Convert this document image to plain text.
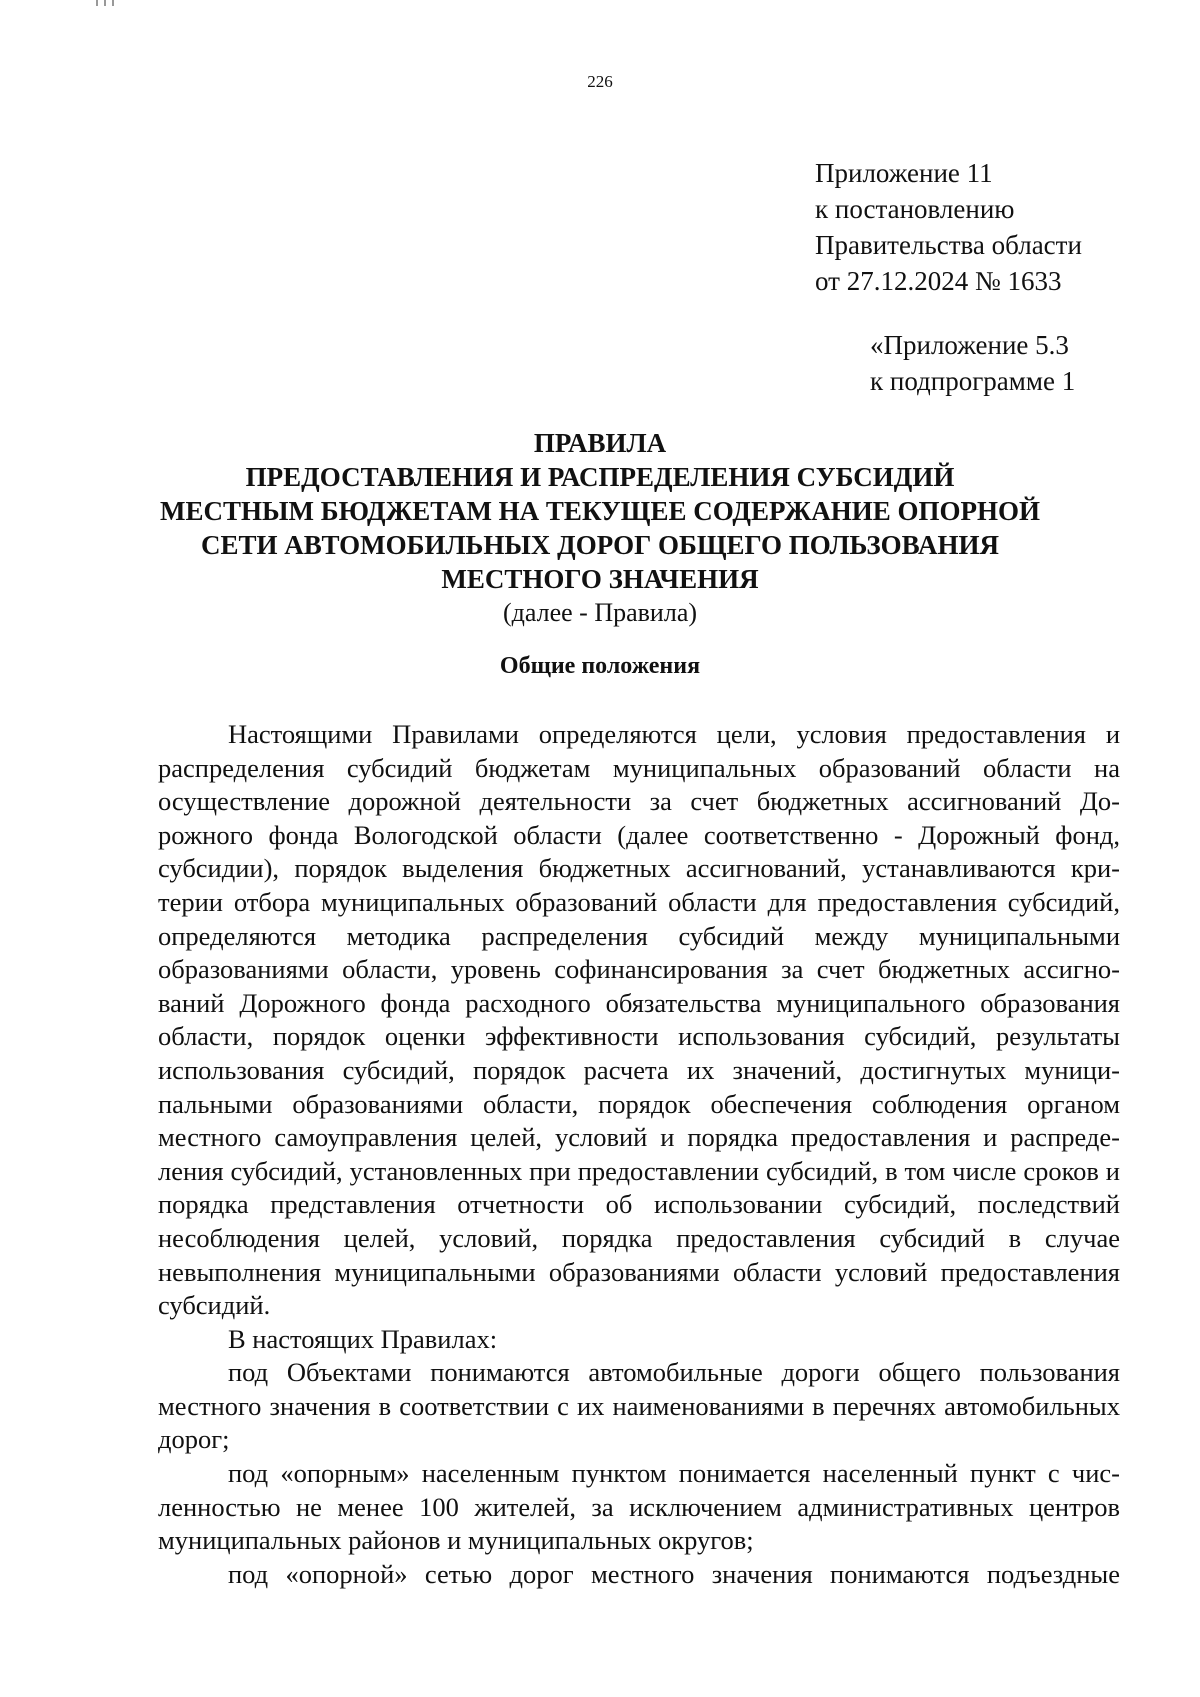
226
Приложение 11
к постановлению
Правительства области
от 27.12.2024 № 1633
«Приложение 5.3
к подпрограмме 1
ПРАВИЛА
ПРЕДОСТАВЛЕНИЯ И РАСПРЕДЕЛЕНИЯ СУБСИДИЙ
МЕСТНЫМ БЮДЖЕТАМ НА ТЕКУЩЕЕ СОДЕРЖАНИЕ ОПОРНОЙ
СЕТИ АВТОМОБИЛЬНЫХ ДОРОГ ОБЩЕГО ПОЛЬЗОВАНИЯ
МЕСТНОГО ЗНАЧЕНИЯ
(далее - Правила)
Общие положения

Настоящими Правилами определяются цели, условия предоставления и распределения субсидий бюджетам муниципальных образований области на осуществление дорожной деятельности за счет бюджетных ассигнований Дорожного фонда Вологодской области (далее соответственно - Дорожный фонд, субсидии), порядок выделения бюджетных ассигнований, устанавливаются критерии отбора муниципальных образований области для предоставления субсидий, определяются методика распределения субсидий между муниципальными образованиями области, уровень софинансирования за счет бюджетных ассигнований Дорожного фонда расходного обязательства муниципального образования области, порядок оценки эффективности использования субсидий, результаты использования субсидий, порядок расчета их значений, достигнутых муниципальными образованиями области, порядок обеспечения соблюдения органом местного самоуправления целей, условий и порядка предоставления и распределения субсидий, установленных при предоставлении субсидий, в том числе сроков и порядка представления отчетности об использовании субсидий, последствий несоблюдения целей, условий, порядка предоставления субсидий в случае невыполнения муниципальными образованиями области условий предоставления субсидий.

В настоящих Правилах:

под Объектами понимаются автомобильные дороги общего пользования местного значения в соответствии с их наименованиями в перечнях автомобильных дорог;

под «опорным» населенным пунктом понимается населенный пункт с численностью не менее 100 жителей, за исключением административных центров муниципальных районов и муниципальных округов;

под «опорной» сетью дорог местного значения понимаются подъездные
